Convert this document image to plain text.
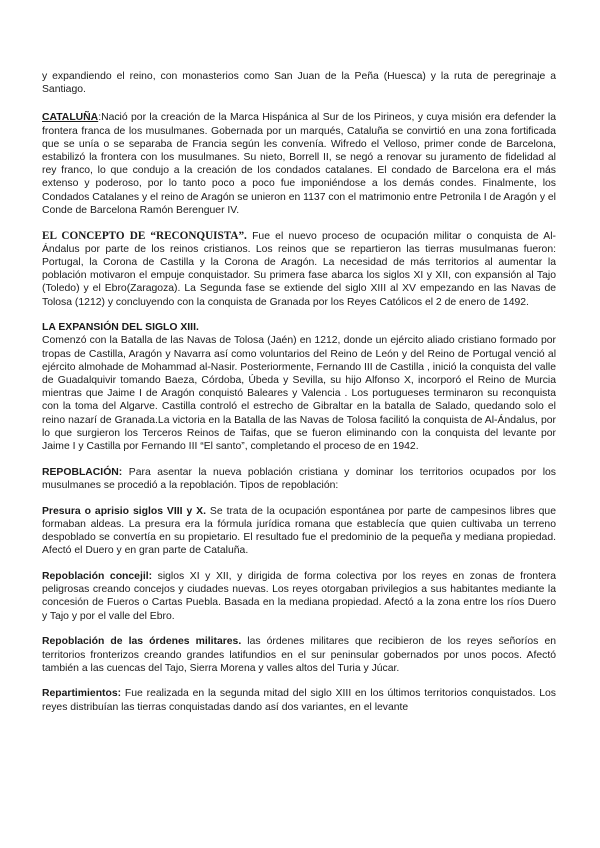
y expandiendo el reino, con monasterios como San Juan de la Peña (Huesca) y la ruta de peregrinaje a Santiago.

CATALUÑA:Nació por la creación de la Marca Hispánica al Sur de los Pirineos, y cuya misión era defender la frontera franca de los musulmanes. Gobernada por un marqués, Cataluña se convirtió en una zona fortificada que se unía o se separaba de Francia según les convenía. Wifredo el Velloso, primer conde de Barcelona, estabilizó la frontera con los musulmanes. Su nieto, Borrell II, se negó a renovar su juramento de fidelidad al rey franco, lo que condujo a la creación de los condados catalanes. El condado de Barcelona era el más extenso y poderoso, por lo tanto poco a poco fue imponiéndose a los demás condes. Finalmente, los Condados Catalanes y el reino de Aragón se unieron en 1137 con el matrimonio entre Petronila I de Aragón y el Conde de Barcelona Ramón Berenguer IV.

EL CONCEPTO DE “RECONQUISTA”. Fue el nuevo proceso de ocupación militar o conquista de Al-Ándalus por parte de los reinos cristianos. Los reinos que se repartieron las tierras musulmanas fueron: Portugal, la Corona de Castilla y la Corona de Aragón. La necesidad de más territorios al aumentar la población motivaron el empuje conquistador. Su primera fase abarca los siglos XI y XII, con expansión al Tajo (Toledo) y el Ebro(Zaragoza). La Segunda fase se extiende del siglo XIII al XV empezando en las Navas de Tolosa (1212) y concluyendo con la conquista de Granada por los Reyes Católicos el 2 de enero de 1492.

LA EXPANSIÓN DEL SIGLO XIII.
Comenzó con la Batalla de las Navas de Tolosa (Jaén) en 1212, donde un ejército aliado cristiano formado por tropas de Castilla, Aragón y Navarra así como voluntarios del Reino de León y del Reino de Portugal venció al ejército almohade de Mohammad al-Nasir. Posteriormente, Fernando III de Castilla , inició la conquista del valle de Guadalquivir tomando Baeza, Córdoba, Úbeda y Sevilla, su hijo Alfonso X, incorporó el Reino de Murcia mientras que Jaime I de Aragón conquistó Baleares y Valencia . Los portugueses terminaron su reconquista con la toma del Algarve. Castilla controló el estrecho de Gibraltar en la batalla de Salado, quedando solo el reino nazarí de Granada.La victoria en la Batalla de las Navas de Tolosa facilitó la conquista de Al-Ándalus, por lo que surgieron los Terceros Reinos de Taifas, que se fueron eliminando con la conquista del levante por Jaime I y Castilla por Fernando III “El santo”, completando el proceso de en 1942.

REPOBLACIÓN: Para asentar la nueva población cristiana y dominar los territorios ocupados por los musulmanes se procedió a la repoblación. Tipos de repoblación:

Presura o aprisio siglos VIII y X. Se trata de la ocupación espontánea por parte de campesinos libres que formaban aldeas. La presura era la fórmula jurídica romana que establecía que quien cultivaba un terreno despoblado se convertía en su propietario. El resultado fue el predominio de la pequeña y mediana propiedad. Afectó el Duero y en gran parte de Cataluña.

Repoblación concejil: siglos XI y XII, y dirigida de forma colectiva por los reyes en zonas de frontera peligrosas creando concejos y ciudades nuevas. Los reyes otorgaban privilegios a sus habitantes mediante la concesión de Fueros o Cartas Puebla. Basada en la mediana propiedad. Afectó a la zona entre los ríos Duero y Tajo y por el valle del Ebro.

Repoblación de las órdenes militares. las órdenes militares que recibieron de los reyes señoríos en territorios fronterizos creando grandes latifundios en el sur peninsular gobernados por unos pocos. Afectó también a las cuencas del Tajo, Sierra Morena y valles altos del Turia y Júcar.

Repartimientos: Fue realizada en la segunda mitad del siglo XIII en los últimos territorios conquistados. Los reyes distribuían las tierras conquistadas dando así dos variantes, en el levante
